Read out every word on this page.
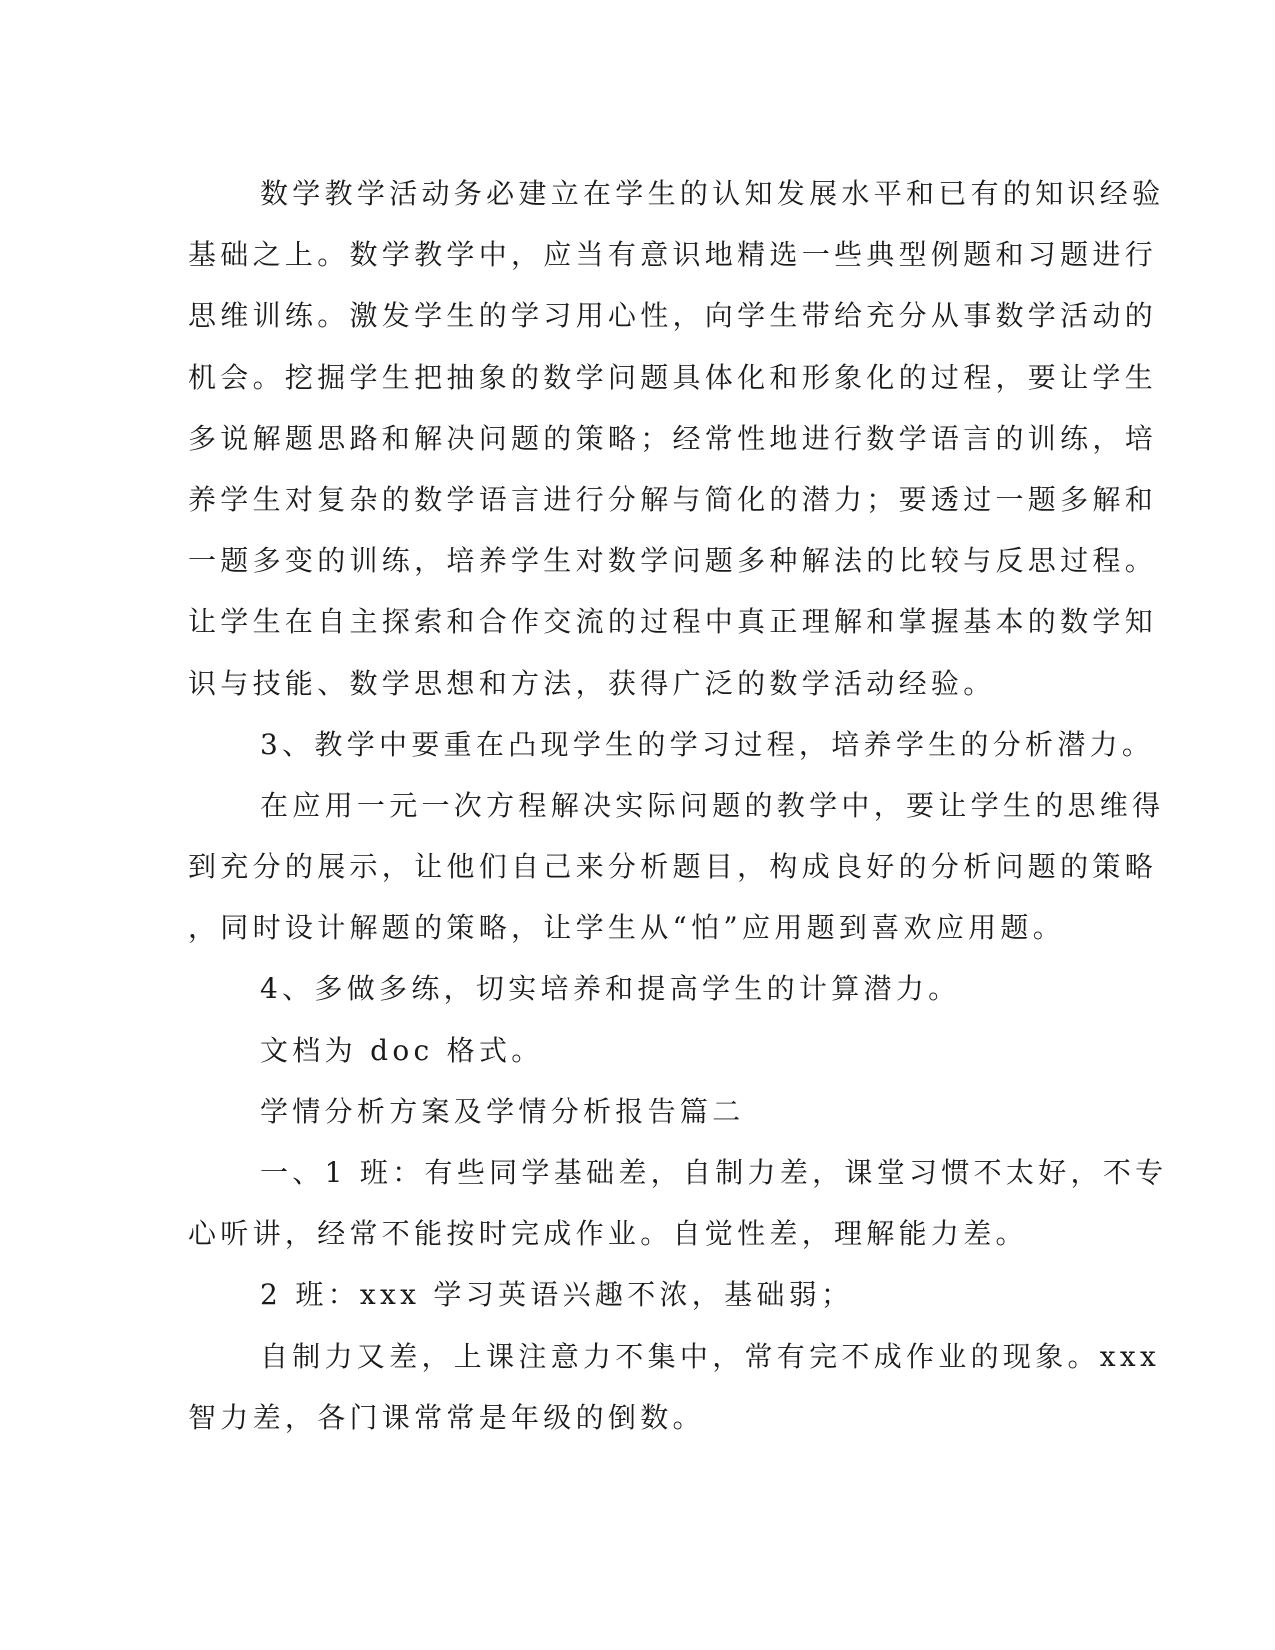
数学教学活动务必建立在学生的认知发展水平和已有的知识经验
基础之上。数学教学中，应当有意识地精选一些典型例题和习题进行
思维训练。激发学生的学习用心性，向学生带给充分从事数学活动的
机会。挖掘学生把抽象的数学问题具体化和形象化的过程，要让学生
多说解题思路和解决问题的策略；经常性地进行数学语言的训练，培
养学生对复杂的数学语言进行分解与简化的潜力；要透过一题多解和
一题多变的训练，培养学生对数学问题多种解法的比较与反思过程。
让学生在自主探索和合作交流的过程中真正理解和掌握基本的数学知
识与技能、数学思想和方法，获得广泛的数学活动经验。
3、教学中要重在凸现学生的学习过程，培养学生的分析潜力。
在应用一元一次方程解决实际问题的教学中，要让学生的思维得
到充分的展示，让他们自己来分析题目，构成良好的分析问题的策略
，同时设计解题的策略，让学生从“怕”应用题到喜欢应用题。
4、多做多练，切实培养和提高学生的计算潜力。
文档为 doc 格式。
学情分析方案及学情分析报告篇二
一、1 班：有些同学基础差，自制力差，课堂习惯不太好，不专
心听讲，经常不能按时完成作业。自觉性差，理解能力差。
2 班：xxx 学习英语兴趣不浓，基础弱；
自制力又差，上课注意力不集中，常有完不成作业的现象。xxx
智力差，各门课常常是年级的倒数。
